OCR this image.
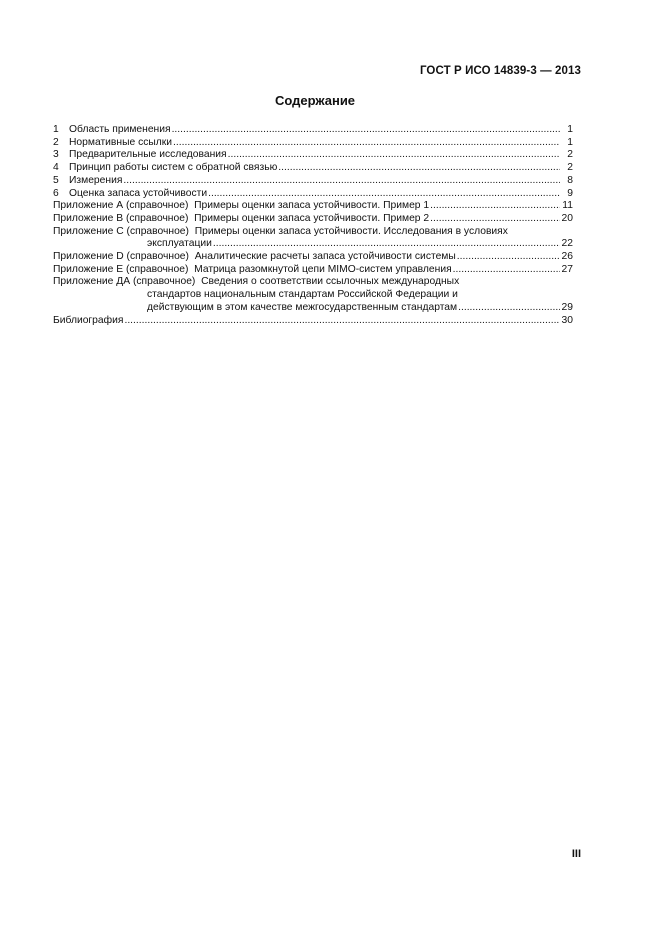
ГОСТ Р ИСО 14839-3 — 2013
Содержание
1 Область применения .....	1
2 Нормативные ссылки .....	1
3 Предварительные исследования .....	2
4 Принцип работы систем с обратной связью .....	2
5 Измерения .....	8
6 Оценка запаса устойчивости .....	9
Приложение А (справочное) Примеры оценки запаса устойчивости. Пример 1 .....	11
Приложение В (справочное) Примеры оценки запаса устойчивости. Пример 2 .....	20
Приложение С (справочное) Примеры оценки запаса устойчивости. Исследования в условиях
эксплуатации .....	22
Приложение D (справочное) Аналитические расчеты запаса устойчивости системы .....	26
Приложение Е (справочное) Матрица разомкнутой цепи MIMO-систем управления .....	27
Приложение ДА (справочное) Сведения о соответствии ссылочных международных
стандартов национальным стандартам Российской Федерации и
действующим в этом качестве межгосударственным стандартам .....	29
Библиография .....	30
III
